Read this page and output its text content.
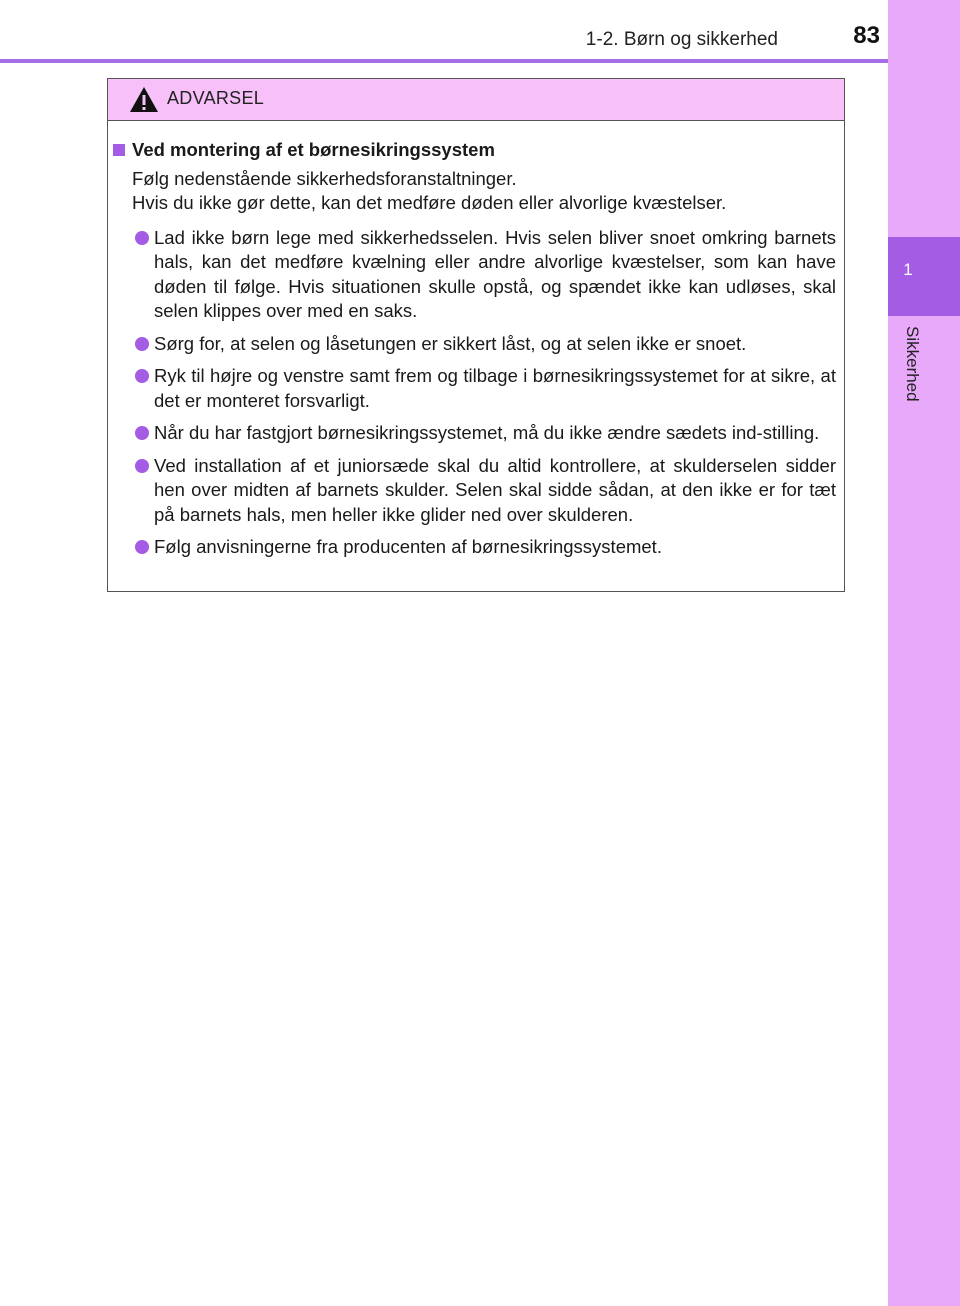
1-2. Børn og sikkerhed	83
1
Sikkerhed
ADVARSEL
Ved montering af et børnesikringssystem
Følg nedenstående sikkerhedsforanstaltninger.
Hvis du ikke gør dette, kan det medføre døden eller alvorlige kvæstelser.
Lad ikke børn lege med sikkerhedsselen. Hvis selen bliver snoet omkring barnets hals, kan det medføre kvælning eller andre alvorlige kvæstelser, som kan have døden til følge. Hvis situationen skulle opstå, og spændet ikke kan udløses, skal selen klippes over med en saks.
Sørg for, at selen og låsetungen er sikkert låst, og at selen ikke er snoet.
Ryk til højre og venstre samt frem og tilbage i børnesikringssystemet for at sikre, at det er monteret forsvarligt.
Når du har fastgjort børnesikringssystemet, må du ikke ændre sædets ind-stilling.
Ved installation af et juniorsæde skal du altid kontrollere, at skulderselen sidder hen over midten af barnets skulder. Selen skal sidde sådan, at den ikke er for tæt på barnets hals, men heller ikke glider ned over skulderen.
Følg anvisningerne fra producenten af børnesikringssystemet.
